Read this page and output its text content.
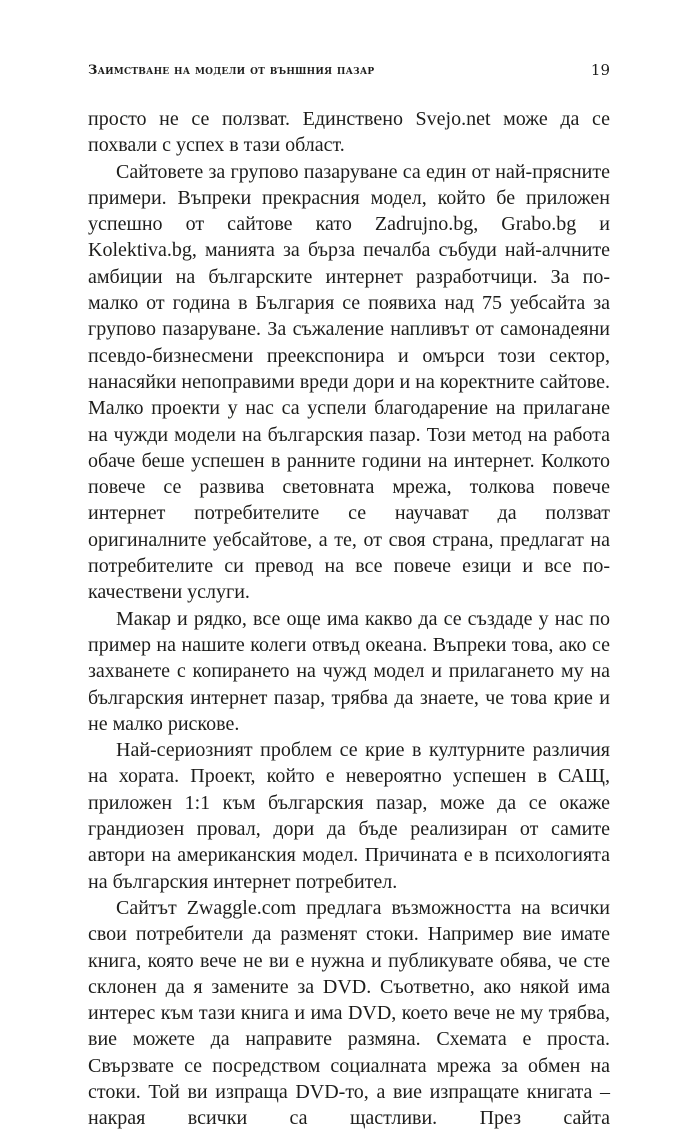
Заимстване на модели от външния пазар	19

просто не се ползват. Единствено Svejo.net може да се похвали с успех в тази област.

Сайтовете за групово пазаруване са един от най-прясните примери. Въпреки прекрасния модел, който бе приложен успешно от сайтове като Zadrujno.bg, Grabo.bg и Kolektiva.bg, манията за бърза печалба събуди най-алчните амбиции на българските интернет разработчици. За по-малко от година в България се появиха над 75 уебсайта за групово пазаруване. За съжаление напливът от самонадеяни псевдо-бизнесмени преекспонира и омърси този сектор, нанасяйки непоправими вреди дори и на коректните сайтове. Малко проекти у нас са успели благодарение на прилагане на чужди модели на българския пазар. Този метод на работа обаче беше успешен в ранните години на интернет. Колкото повече се развива световната мрежа, толкова повече интернет потребителите се научават да ползват оригиналните уебсайтове, а те, от своя страна, предлагат на потребителите си превод на все повече езици и все по-качествени услуги.

Макар и рядко, все още има какво да се създаде у нас по пример на нашите колеги отвъд океана. Въпреки това, ако се захванете с копирането на чужд модел и прилагането му на българския интернет пазар, трябва да знаете, че това крие и не малко рискове.

Най-сериозният проблем се крие в културните различия на хората. Проект, който е невероятно успешен в САЩ, приложен 1:1 към българския пазар, може да се окаже грандиозен провал, дори да бъде реализиран от самите автори на американския модел. Причината е в психологията на българския интернет потребител.

Сайтът Zwaggle.com предлага възможността на всички свои потребители да разменят стоки. Например вие имате книга, която вече не ви е нужна и публикувате обява, че сте склонен да я замените за DVD. Съответно, ако някой има интерес към тази книга и има DVD, което вече не му трябва, вие можете да направите размяна. Схемата е проста. Свързвате се посредством социалната мрежа за обмен на стоки. Той ви изпраща DVD-то, а вие изпращате книгата – накрая всички са щастливи. През сайта
